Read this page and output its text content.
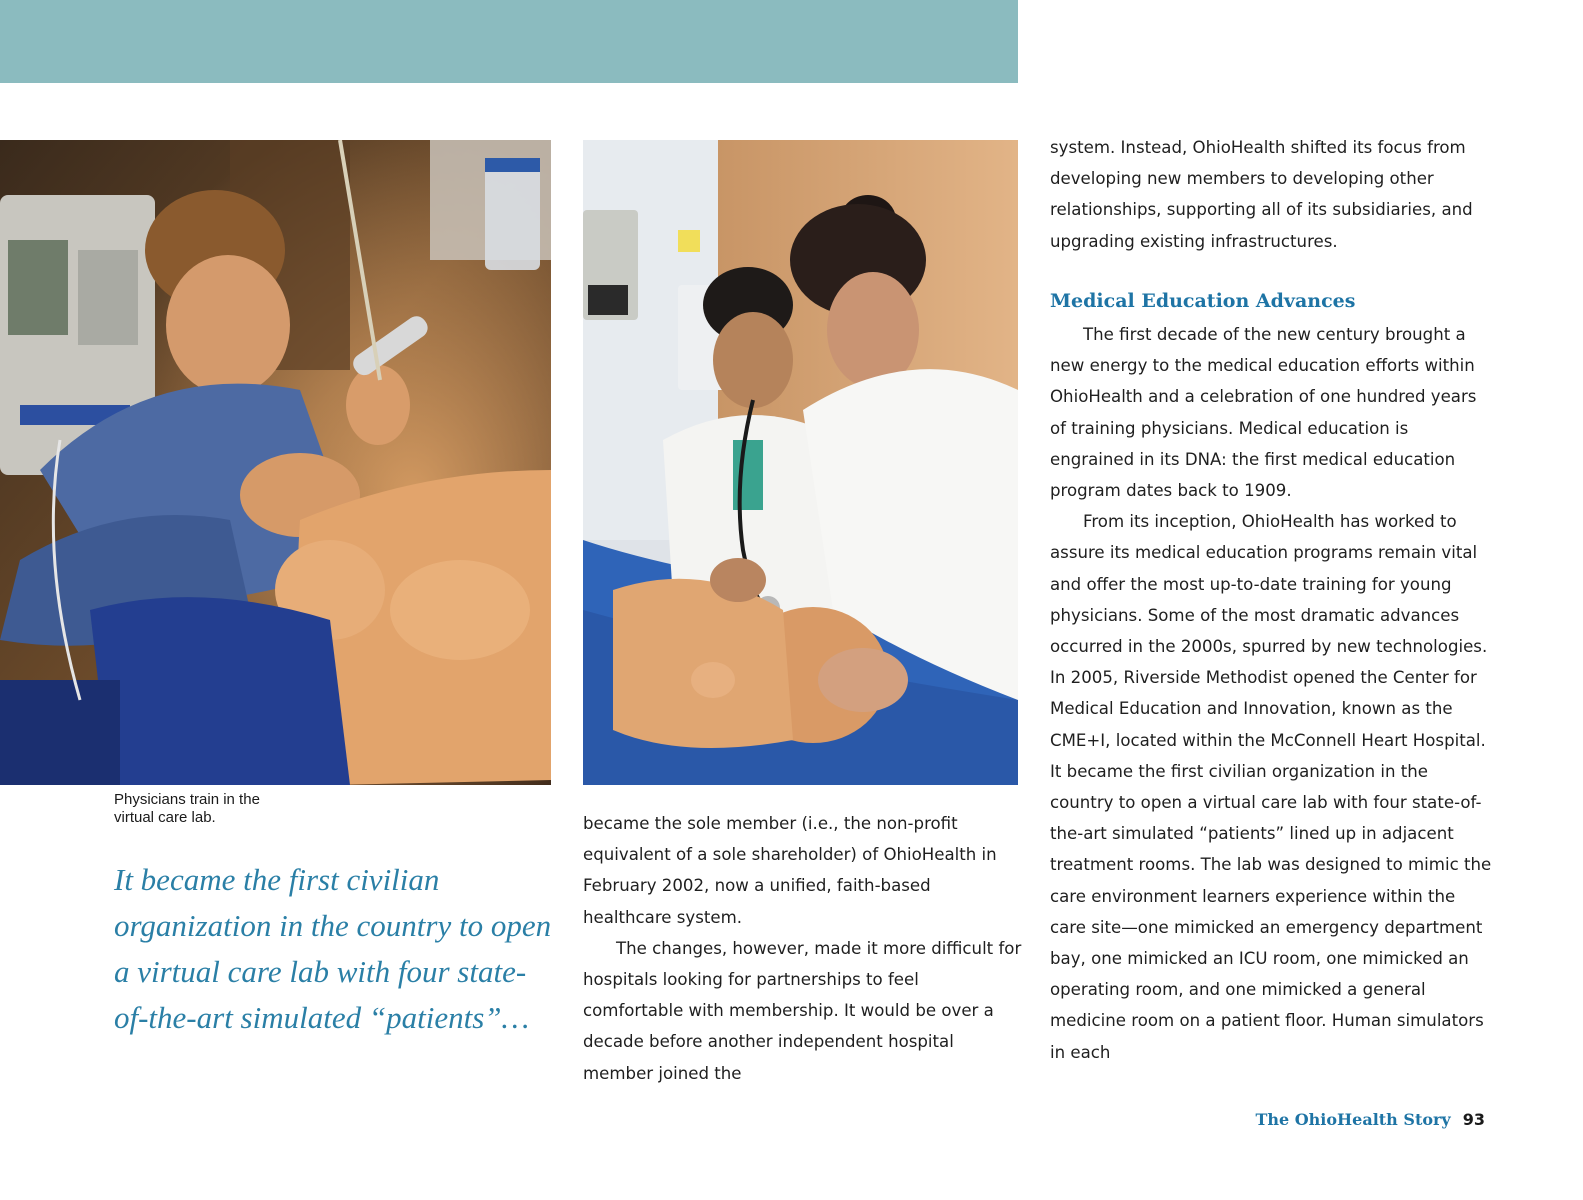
Physicians train in the
virtual care lab.

It became the first civilian organization in the country to open a virtual care lab with four state-of-the-art simulated “patients”…

became the sole member (i.e., the non-profit equivalent of a sole shareholder) of OhioHealth in February 2002, now a unified, faith-based healthcare system.

The changes, however, made it more difficult for hospitals looking for partnerships to feel comfortable with membership. It would be over a decade before another independent hospital member joined the

system. Instead, OhioHealth shifted its focus from developing new members to developing other relationships, supporting all of its subsidiaries, and upgrading existing infrastructures.

Medical Education Advances

The first decade of the new century brought a new energy to the medical education efforts within OhioHealth and a celebration of one hundred years of training physicians. Medical education is engrained in its DNA: the first medical education program dates back to 1909.

From its inception, OhioHealth has worked to assure its medical education programs remain vital and offer the most up-to-date training for young physicians. Some of the most dramatic advances occurred in the 2000s, spurred by new technologies. In 2005, Riverside Methodist opened the Center for Medical Education and Innovation, known as the CME+I, located within the McConnell Heart Hospital. It became the first civilian organization in the country to open a virtual care lab with four state-of-the-art simulated “patients” lined up in adjacent treatment rooms. The lab was designed to mimic the care environment learners experience within the care site—one mimicked an emergency department bay, one mimicked an ICU room, one mimicked an operating room, and one mimicked a general medicine room on a patient floor. Human simulators in each

The OhioHealth Story 93
